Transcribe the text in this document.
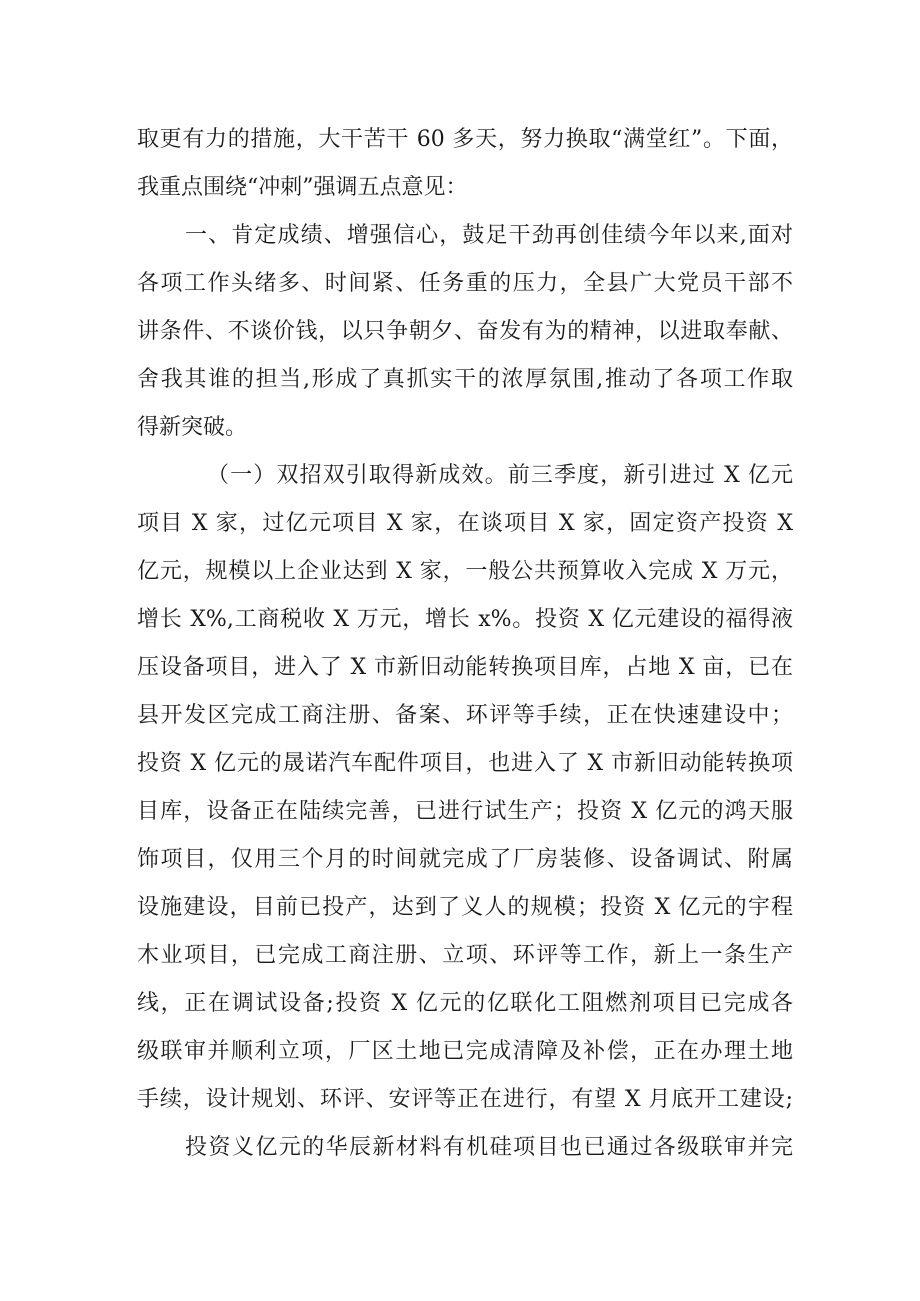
取更有力的措施，大干苦干 60 多天，努力换取“满堂红”。下面，
我重点围绕“冲刺”强调五点意见：
一、肯定成绩、增强信心，鼓足干劲再创佳绩今年以来,面对
各项工作头绪多、时间紧、任务重的压力，全县广大党员干部不
讲条件、不谈价钱，以只争朝夕、奋发有为的精神，以进取奉献、
舍我其谁的担当,形成了真抓实干的浓厚氛围,推动了各项工作取
得新突破。
（一）双招双引取得新成效。前三季度，新引进过 X 亿元
项目 X 家，过亿元项目 X 家，在谈项目 X 家，固定资产投资 X
亿元，规模以上企业达到 X 家，一般公共预算收入完成 X 万元，
增长 X%,工商税收 X 万元，增长 x%。投资 X 亿元建设的福得液
压设备项目，进入了 X 市新旧动能转换项目库，占地 X 亩，已在
县开发区完成工商注册、备案、环评等手续，正在快速建设中；
投资 X 亿元的晟诺汽车配件项目，也进入了 X 市新旧动能转换项
目库，设备正在陆续完善，已进行试生产；投资 X 亿元的鸿天服
饰项目，仅用三个月的时间就完成了厂房装修、设备调试、附属
设施建设，目前已投产，达到了义人的规模；投资 X 亿元的宇程
木业项目，已完成工商注册、立项、环评等工作，新上一条生产
线，正在调试设备;投资 X 亿元的亿联化工阻燃剂项目已完成各
级联审并顺利立项，厂区土地已完成清障及补偿，正在办理土地
手续，设计规划、环评、安评等正在进行，有望 X 月底开工建设;
投资义亿元的华辰新材料有机硅项目也已通过各级联审并完
